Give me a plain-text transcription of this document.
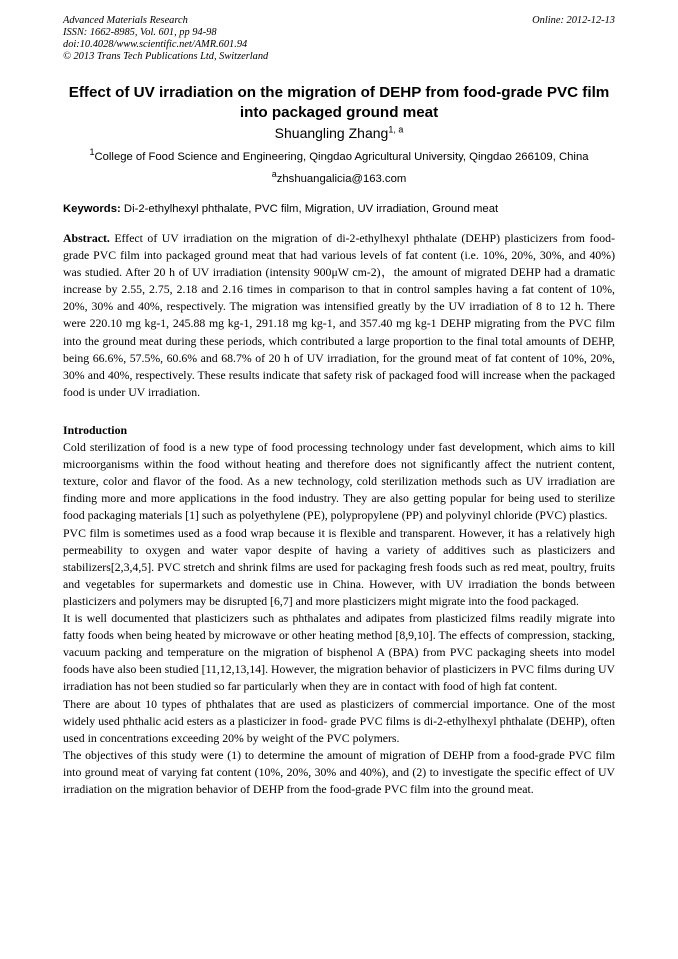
Advanced Materials Research
ISSN: 1662-8985, Vol. 601, pp 94-98
doi:10.4028/www.scientific.net/AMR.601.94
© 2013 Trans Tech Publications Ltd, Switzerland
Online: 2012-12-13
Effect of UV irradiation on the migration of DEHP from food-grade PVC film into packaged ground meat
Shuangling Zhang$^{1, a}$
$^1$College of Food Science and Engineering, Qingdao Agricultural University, Qingdao 266109, China
$^a$zhshuangalicia@163.com
Keywords: Di-2-ethylhexyl phthalate, PVC film, Migration, UV irradiation, Ground meat
Abstract. Effect of UV irradiation on the migration of di-2-ethylhexyl phthalate (DEHP) plasticizers from food-grade PVC film into packaged ground meat that had various levels of fat content (i.e. 10%, 20%, 30%, and 40%) was studied. After 20 h of UV irradiation (intensity 900μW cm-2)，the amount of migrated DEHP had a dramatic increase by 2.55, 2.75, 2.18 and 2.16 times in comparison to that in control samples having a fat content of 10%, 20%, 30% and 40%, respectively. The migration was intensified greatly by the UV irradiation of 8 to 12 h. There were 220.10 mg kg-1, 245.88 mg kg-1, 291.18 mg kg-1, and 357.40 mg kg-1 DEHP migrating from the PVC film into the ground meat during these periods, which contributed a large proportion to the final total amounts of DEHP, being 66.6%, 57.5%, 60.6% and 68.7% of 20 h of UV irradiation, for the ground meat of fat content of 10%, 20%, 30% and 40%, respectively. These results indicate that safety risk of packaged food will increase when the packaged food is under UV irradiation.
Introduction

Cold sterilization of food is a new type of food processing technology under fast development, which aims to kill microorganisms within the food without heating and therefore does not significantly affect the nutrient content, texture, color and flavor of the food. As a new technology, cold sterilization methods such as UV irradiation are finding more and more applications in the food industry. They are also getting popular for being used to sterilize food packaging materials [1] such as polyethylene (PE), polypropylene (PP) and polyvinyl chloride (PVC) plastics.

PVC film is sometimes used as a food wrap because it is flexible and transparent. However, it has a relatively high permeability to oxygen and water vapor despite of having a variety of additives such as plasticizers and stabilizers[2,3,4,5]. PVC stretch and shrink films are used for packaging fresh foods such as red meat, poultry, fruits and vegetables for supermarkets and domestic use in China. However, with UV irradiation the bonds between plasticizers and polymers may be disrupted [6,7] and more plasticizers might migrate into the food packaged.

It is well documented that plasticizers such as phthalates and adipates from plasticized films readily migrate into fatty foods when being heated by microwave or other heating method [8,9,10]. The effects of compression, stacking, vacuum packing and temperature on the migration of bisphenol A (BPA) from PVC packaging sheets into model foods have also been studied [11,12,13,14]. However, the migration behavior of plasticizers in PVC films during UV irradiation has not been studied so far particularly when they are in contact with food of high fat content.

There are about 10 types of phthalates that are used as plasticizers of commercial importance. One of the most widely used phthalic acid esters as a plasticizer in food- grade PVC films is di-2-ethylhexyl phthalate (DEHP), often used in concentrations exceeding 20% by weight of the PVC polymers.

The objectives of this study were (1) to determine the amount of migration of DEHP from a food-grade PVC film into ground meat of varying fat content (10%, 20%, 30% and 40%), and (2) to investigate the specific effect of UV irradiation on the migration behavior of DEHP from the food-grade PVC film into the ground meat.
